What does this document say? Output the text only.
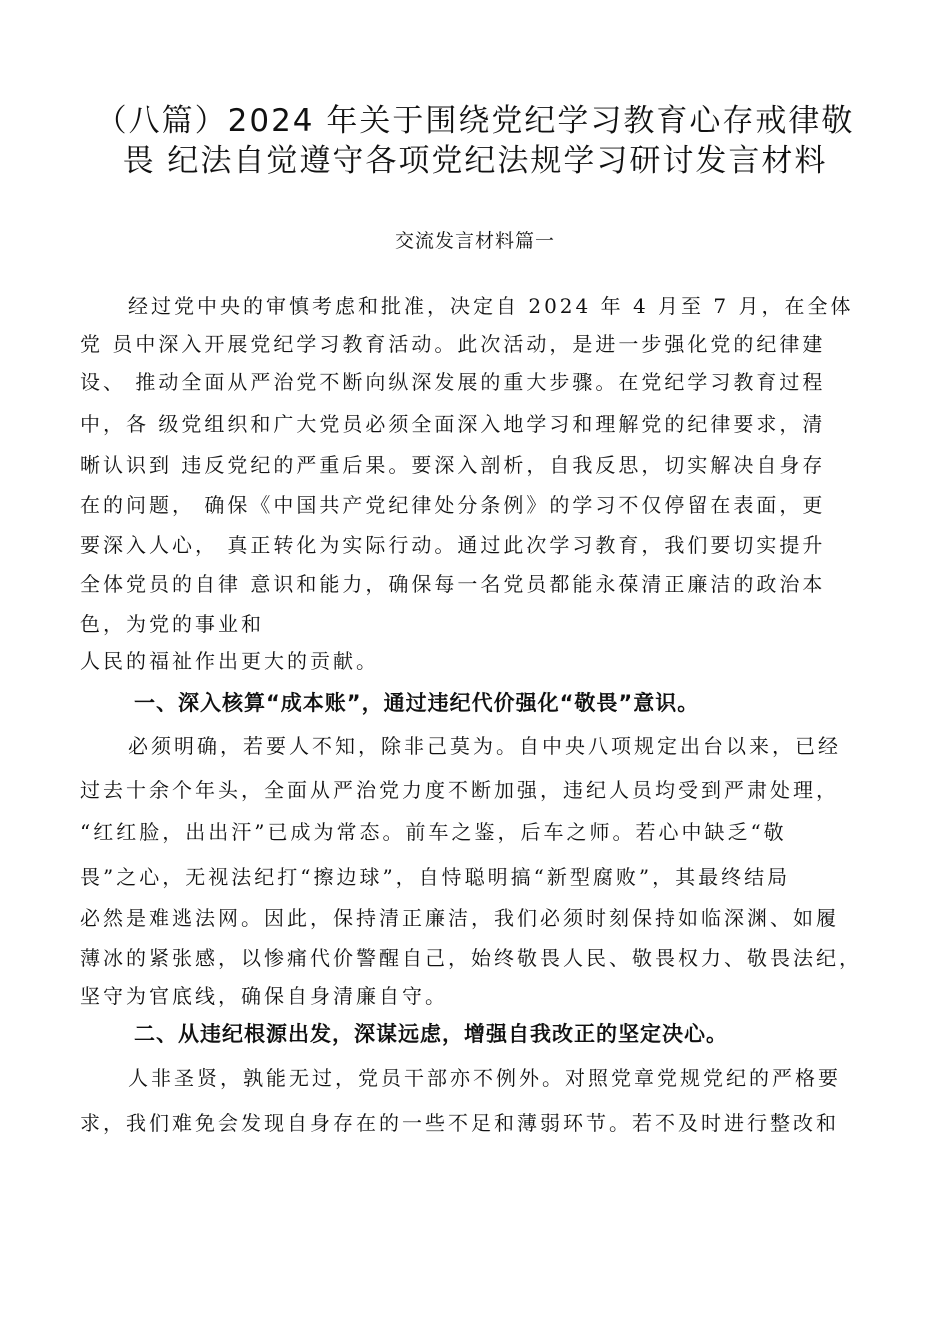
（八篇）2024 年关于围绕党纪学习教育心存戒律敬
畏 纪法自觉遵守各项党纪法规学习研讨发言材料
交流发言材料篇一
经过党中央的审慎考虑和批准，决定自 2024 年 4 月至 7 月，在全体
党 员中深入开展党纪学习教育活动。此次活动，是进一步强化党的纪律建
设、 推动全面从严治党不断向纵深发展的重大步骤。在党纪学习教育过程
中，各 级党组织和广大党员必须全面深入地学习和理解党的纪律要求，清
晰认识到 违反党纪的严重后果。要深入剖析，自我反思，切实解决自身存
在的问题， 确保《中国共产党纪律处分条例》的学习不仅停留在表面，更
要深入人心， 真正转化为实际行动。通过此次学习教育，我们要切实提升
全体党员的自律 意识和能力，确保每一名党员都能永葆清正廉洁的政治本
色，为党的事业和
人民的福祉作出更大的贡献。
一、深入核算“成本账”，通过违纪代价强化“敬畏”意识。
必须明确，若要人不知，除非己莫为。自中央八项规定出台以来，已经
过去十余个年头，全面从严治党力度不断加强，违纪人员均受到严肃处理，
“红红脸，出出汗”已成为常态。前车之鉴，后车之师。若心中缺乏“敬
畏”之心，无视法纪打“擦边球”，自恃聪明搞“新型腐败”，其最终结局
必然是难逃法网。因此，保持清正廉洁，我们必须时刻保持如临深渊、如履
薄冰的紧张感，以惨痛代价警醒自己，始终敬畏人民、敬畏权力、敬畏法纪，
坚守为官底线，确保自身清廉自守。
二、从违纪根源出发，深谋远虑，增强自我改正的坚定决心。
人非圣贤，孰能无过，党员干部亦不例外。对照党章党规党纪的严格要
求，我们难免会发现自身存在的一些不足和薄弱环节。若不及时进行整改和
